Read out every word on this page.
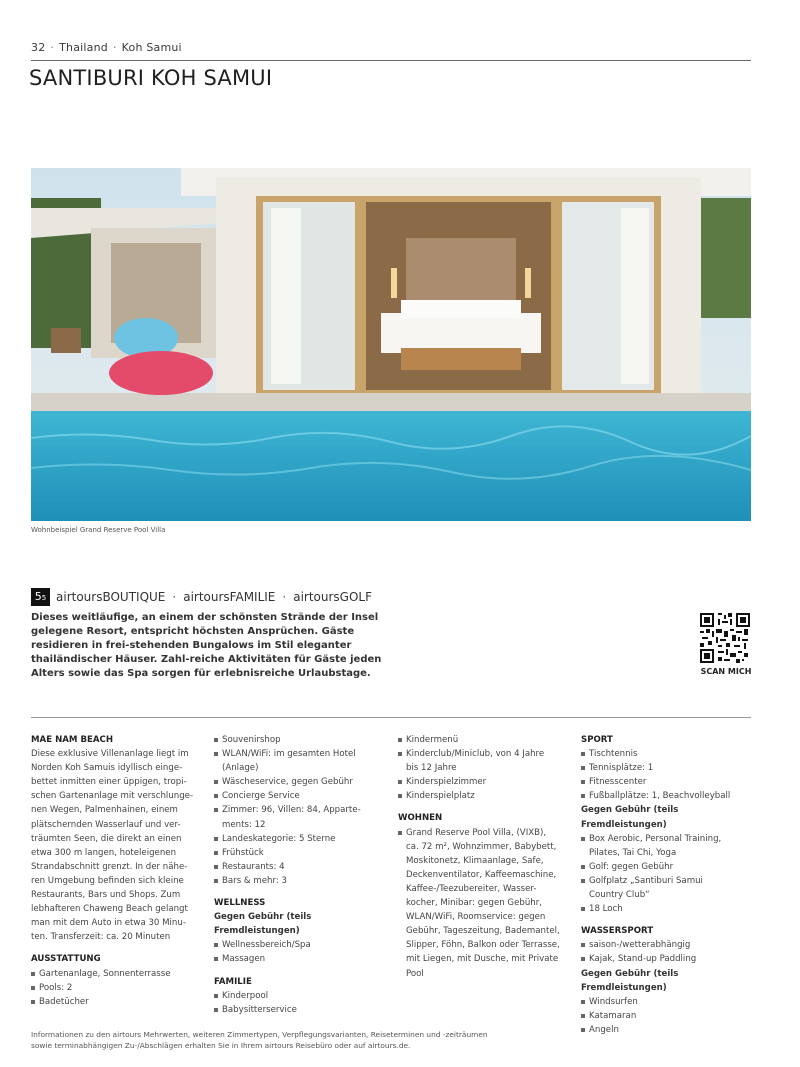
32 · Thailand · Koh Samui
SANTIBURI KOH SAMUI
Wohnbeispiel Grand Reserve Pool Villa
55 airtoursBOUTIQUE · airtoursFAMILIE · airtoursGOLF

Dieses weitläufige, an einem der schönsten Strände der Insel gelegene Resort, entspricht höchsten Ansprüchen. Gäste residieren in frei-stehenden Bungalows im Stil eleganter thailändischer Häuser. Zahl-reiche Aktivitäten für Gäste jeden Alters sowie das Spa sorgen für erlebnisreiche Urlaubstage.	SCAN MICH
MAE NAM BEACH

Diese exklusive Villenanlage liegt im
Norden Koh Samuis idyllisch einge-
bettet inmitten einer üppigen, tropi-
schen Gartenanlage mit verschlunge-
nen Wegen, Palmenhainen, einem
plätschernden Wasserlauf und ver-
träumten Seen, die direkt an einen
etwa 300 m langen, hoteleigenen
Strandabschnitt grenzt. In der nähe-
ren Umgebung befinden sich kleine
Restaurants, Bars und Shops. Zum
lebhafteren Chaweng Beach gelangt
man mit dem Auto in etwa 30 Minu-
ten. Transferzeit: ca. 20 Minuten

AUSSTATTUNG
Gartenanlage, Sonnenterrasse
Pools: 2
Badetücher
Souvenirshop
WLAN/WiFi: im gesamten Hotel
(Anlage)
Wäscheservice, gegen Gebühr
Concierge Service
Zimmer: 96, Villen: 84, Apparte-
ments: 12
Landeskategorie: 5 Sterne
Frühstück
Restaurants: 4
Bars & mehr: 3
WELLNESS
Gegen Gebühr (teils Fremdleistungen)
Wellnessbereich/Spa
Massagen
FAMILIE
Kinderpool
Babysitterservice
Kindermenü
Kinderclub/Miniclub, von 4 Jahre
bis 12 Jahre
Kinderspielzimmer
Kinderspielplatz
WOHNEN
Grand Reserve Pool Villa, (VIXB),
ca. 72 m², Wohnzimmer, Babybett,
Moskitonetz, Klimaanlage, Safe,
Deckenventilator, Kaffeemaschine,
Kaffee-/Teezubereiter, Wasser-
kocher, Minibar: gegen Gebühr,
WLAN/WiFi, Roomservice: gegen
Gebühr, Tageszeitung, Bademantel,
Slipper, Föhn, Balkon oder Terrasse,
mit Liegen, mit Dusche, mit Private
Pool
SPORT
Tischtennis
Tennisplätze: 1
Fitnesscenter
Fußballplätze: 1, Beachvolleyball
Gegen Gebühr (teils Fremdleistungen)
Box Aerobic, Personal Training,
Pilates, Tai Chi, Yoga
Golf: gegen Gebühr
Golfplatz „Santiburi Samui
Country Club“
18 Loch
WASSERSPORT
saison-/wetterabhängig
Kajak, Stand-up Paddling
Gegen Gebühr (teils Fremdleistungen)
Windsurfen
Katamaran
Angeln
Informationen zu den airtours Mehrwerten, weiteren Zimmertypen, Verpflegungsvarianten, Reiseterminen und -zeiträumen
sowie terminabhängigen Zu-/Abschlägen erhalten Sie in Ihrem airtours Reisebüro oder auf airtours.de.
